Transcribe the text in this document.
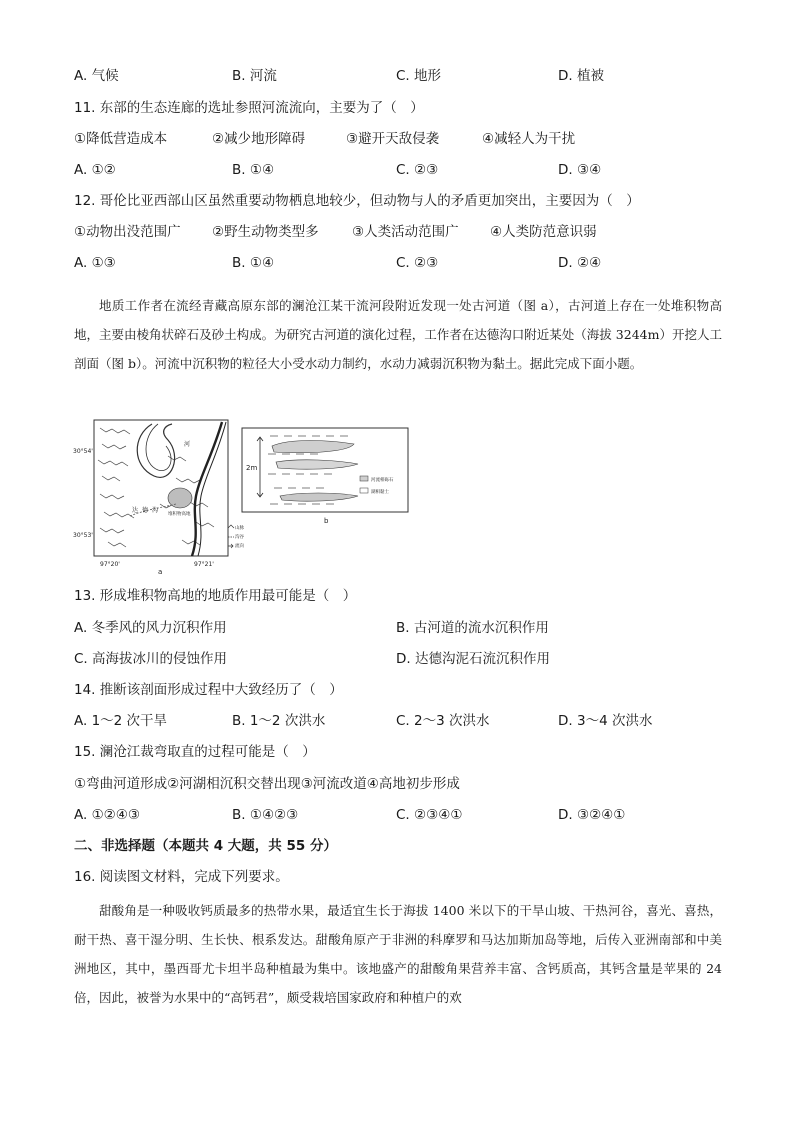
A. 气候	B. 河流	C. 地形	D. 植被
11. 东部的生态连廊的选址参照河流流向，主要为了（　）
①降低营造成本	②减少地形障碍	③避开天敌侵袭	④减轻人为干扰
A. ①②	B. ①④	C. ②③	D. ③④
12. 哥伦比亚西部山区虽然重要动物栖息地较少，但动物与人的矛盾更加突出，主要因为（　）
①动物出没范围广 ②野生动物类型多 ③人类活动范围广 ④人类防范意识弱
A. ①③	B. ①④	C. ②③	D. ②④

地质工作者在流经青藏高原东部的澜沧江某干流河段附近发现一处古河道（图 a），古河道上存在一处堆积物高地，主要由棱角状碎石及砂土构成。为研究古河道的演化过程，工作者在达德沟口附近某处（海拔 3244m）开挖人工剖面（图 b）。河流中沉积物的粒径大小受水动力制约，水动力减弱沉积物为黏土。据此完成下面小题。

30°54'
30°53'
河
达 德 沟
堆积物高地
97°20'	97°21'
a
山脉
沟谷
流向
2m
河流相砾石
湖相黏土
b
13. 形成堆积物高地的地质作用最可能是（　）
A. 冬季风的风力沉积作用	B. 古河道的流水沉积作用
C. 高海拔冰川的侵蚀作用	D. 达德沟泥石流沉积作用
14. 推断该剖面形成过程中大致经历了（　）
A. 1～2 次干旱	B. 1～2 次洪水	C. 2～3 次洪水	D. 3～4 次洪水
15. 澜沧江裁弯取直的过程可能是（　）
①弯曲河道形成②河湖相沉积交替出现③河流改道④高地初步形成
A. ①②④③	B. ①④②③	C. ②③④①	D. ③②④①
二、非选择题（本题共 4 大题，共 55 分）
16. 阅读图文材料，完成下列要求。

甜酸角是一种吸收钙质最多的热带水果，最适宜生长于海拔 1400 米以下的干旱山坡、干热河谷，喜光、喜热，耐干热、喜干湿分明、生长快、根系发达。甜酸角原产于非洲的科摩罗和马达加斯加岛等地，后传入亚洲南部和中美洲地区，其中，墨西哥尤卡坦半岛种植最为集中。该地盛产的甜酸角果营养丰富、含钙质高，其钙含量是苹果的 24 倍，因此，被誉为水果中的“高钙君”，颇受栽培国家政府和种植户的欢
